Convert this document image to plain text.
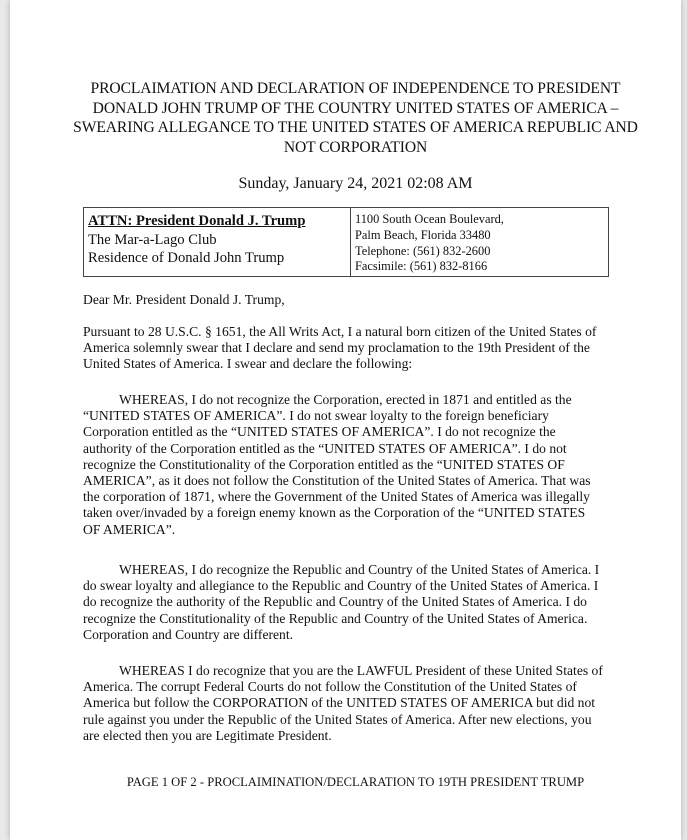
PROCLAIMATION AND DECLARATION OF INDEPENDENCE TO PRESIDENT DONALD JOHN TRUMP OF THE COUNTRY UNITED STATES OF AMERICA – SWEARING ALLEGANCE TO THE UNITED STATES OF AMERICA REPUBLIC AND NOT CORPORATION
Sunday, January 24, 2021 02:08 AM
ATTN: President Donald J. Trump
The Mar-a-Lago Club
Residence of Donald John Trump
1100 South Ocean Boulevard,
Palm Beach, Florida 33480
Telephone: (561) 832-2600
Facsimile: (561) 832-8166
Dear Mr. President Donald J. Trump,
Pursuant to 28 U.S.C. § 1651, the All Writs Act, I a natural born citizen of the United States of America solemnly swear that I declare and send my proclamation to the 19th President of the United States of America. I swear and declare the following:
WHEREAS, I do not recognize the Corporation, erected in 1871 and entitled as the “UNITED STATES OF AMERICA”. I do not swear loyalty to the foreign beneficiary Corporation entitled as the “UNITED STATES OF AMERICA”. I do not recognize the authority of the Corporation entitled as the “UNITED STATES OF AMERICA”. I do not recognize the Constitutionality of the Corporation entitled as the “UNITED STATES OF AMERICA”, as it does not follow the Constitution of the United States of America. That was the corporation of 1871, where the Government of the United States of America was illegally taken over/invaded by a foreign enemy known as the Corporation of the “UNITED STATES OF AMERICA”.
WHEREAS, I do recognize the Republic and Country of the United States of America. I do swear loyalty and allegiance to the Republic and Country of the United States of America. I do recognize the authority of the Republic and Country of the United States of America. I do recognize the Constitutionality of the Republic and Country of the United States of America. Corporation and Country are different.
WHEREAS I do recognize that you are the LAWFUL President of these United States of America. The corrupt Federal Courts do not follow the Constitution of the United States of America but follow the CORPORATION of the UNITED STATES OF AMERICA but did not rule against you under the Republic of the United States of America. After new elections, you are elected then you are Legitimate President.
PAGE 1 OF 2 - PROCLAIMINATION/DECLARATION TO 19TH PRESIDENT TRUMP
